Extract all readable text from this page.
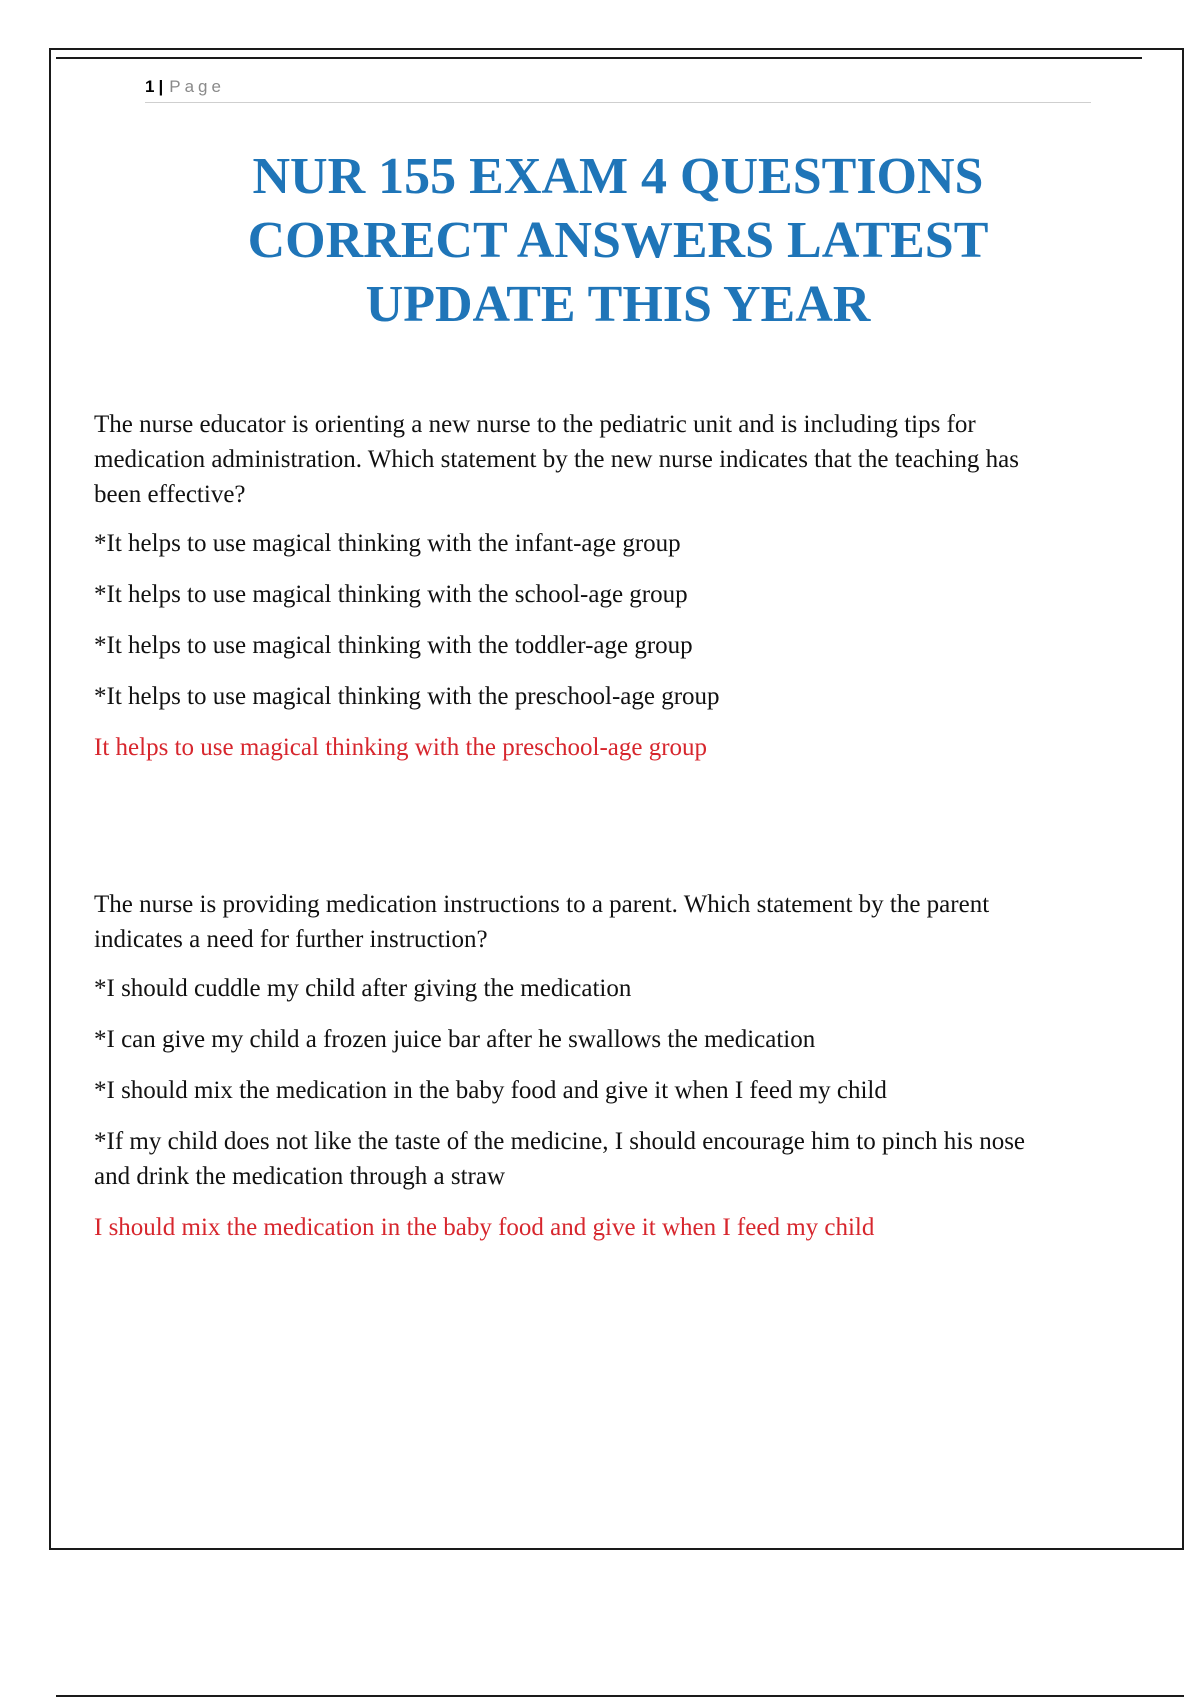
1 | Page
NUR 155 EXAM 4 QUESTIONS
CORRECT ANSWERS LATEST
UPDATE THIS YEAR

The nurse educator is orienting a new nurse to the pediatric unit and is including tips for medication administration. Which statement by the new nurse indicates that the teaching has been effective?

*It helps to use magical thinking with the infant-age group

*It helps to use magical thinking with the school-age group

*It helps to use magical thinking with the toddler-age group

*It helps to use magical thinking with the preschool-age group

It helps to use magical thinking with the preschool-age group

The nurse is providing medication instructions to a parent. Which statement by the parent indicates a need for further instruction?

*I should cuddle my child after giving the medication

*I can give my child a frozen juice bar after he swallows the medication

*I should mix the medication in the baby food and give it when I feed my child

*If my child does not like the taste of the medicine, I should encourage him to pinch his nose and drink the medication through a straw

I should mix the medication in the baby food and give it when I feed my child
